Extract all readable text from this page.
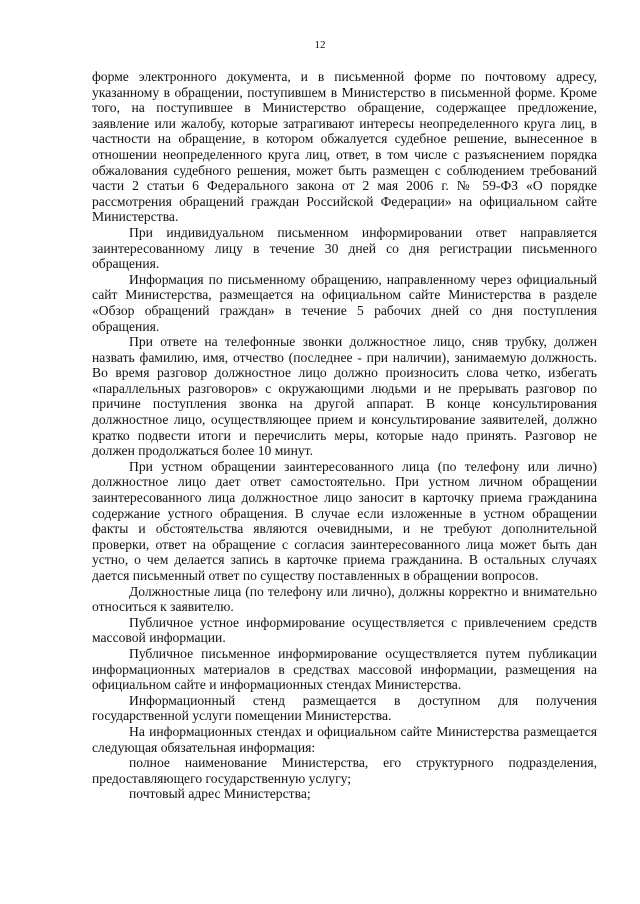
12

форме электронного документа, и в письменной форме по почтовому адресу, указанному в обращении, поступившем в Министерство в письменной форме. Кроме того, на поступившее в Министерство обращение, содержащее предложение, заявление или жалобу, которые затрагивают интересы неопределенного круга лиц, в частности на обращение, в котором обжалуется судебное решение, вынесенное в отношении неопределенного круга лиц, ответ, в том числе с разъяснением порядка обжалования судебного решения, может быть размещен с соблюдением требований части 2 статьи 6 Федерального закона от 2 мая 2006 г. № 59-ФЗ «О порядке рассмотрения обращений граждан Российской Федерации» на официальном сайте Министерства.

При индивидуальном письменном информировании ответ направляется заинтересованному лицу в течение 30 дней со дня регистрации письменного обращения.

Информация по письменному обращению, направленному через официальный сайт Министерства, размещается на официальном сайте Министерства в разделе «Обзор обращений граждан» в течение 5 рабочих дней со дня поступления обращения.

При ответе на телефонные звонки должностное лицо, сняв трубку, должен назвать фамилию, имя, отчество (последнее - при наличии), занимаемую должность. Во время разговор должностное лицо должно произносить слова четко, избегать «параллельных разговоров» с окружающими людьми и не прерывать разговор по причине поступления звонка на другой аппарат. В конце консультирования должностное лицо, осуществляющее прием и консультирование заявителей, должно кратко подвести итоги и перечислить меры, которые надо принять. Разговор не должен продолжаться более 10 минут.

При устном обращении заинтересованного лица (по телефону или лично) должностное лицо дает ответ самостоятельно. При устном личном обращении заинтересованного лица должностное лицо заносит в карточку приема гражданина содержание устного обращения. В случае если изложенные в устном обращении факты и обстоятельства являются очевидными, и не требуют дополнительной проверки, ответ на обращение с согласия заинтересованного лица может быть дан устно, о чем делается запись в карточке приема гражданина. В остальных случаях дается письменный ответ по существу поставленных в обращении вопросов.

Должностные лица (по телефону или лично), должны корректно и внимательно относиться к заявителю.

Публичное устное информирование осуществляется с привлечением средств массовой информации.

Публичное письменное информирование осуществляется путем публикации информационных материалов в средствах массовой информации, размещения на официальном сайте и информационных стендах Министерства.

Информационный стенд размещается в доступном для получения государственной услуги помещении Министерства.

На информационных стендах и официальном сайте Министерства размещается следующая обязательная информация:

полное наименование Министерства, его структурного подразделения, предоставляющего государственную услугу;

почтовый адрес Министерства;
